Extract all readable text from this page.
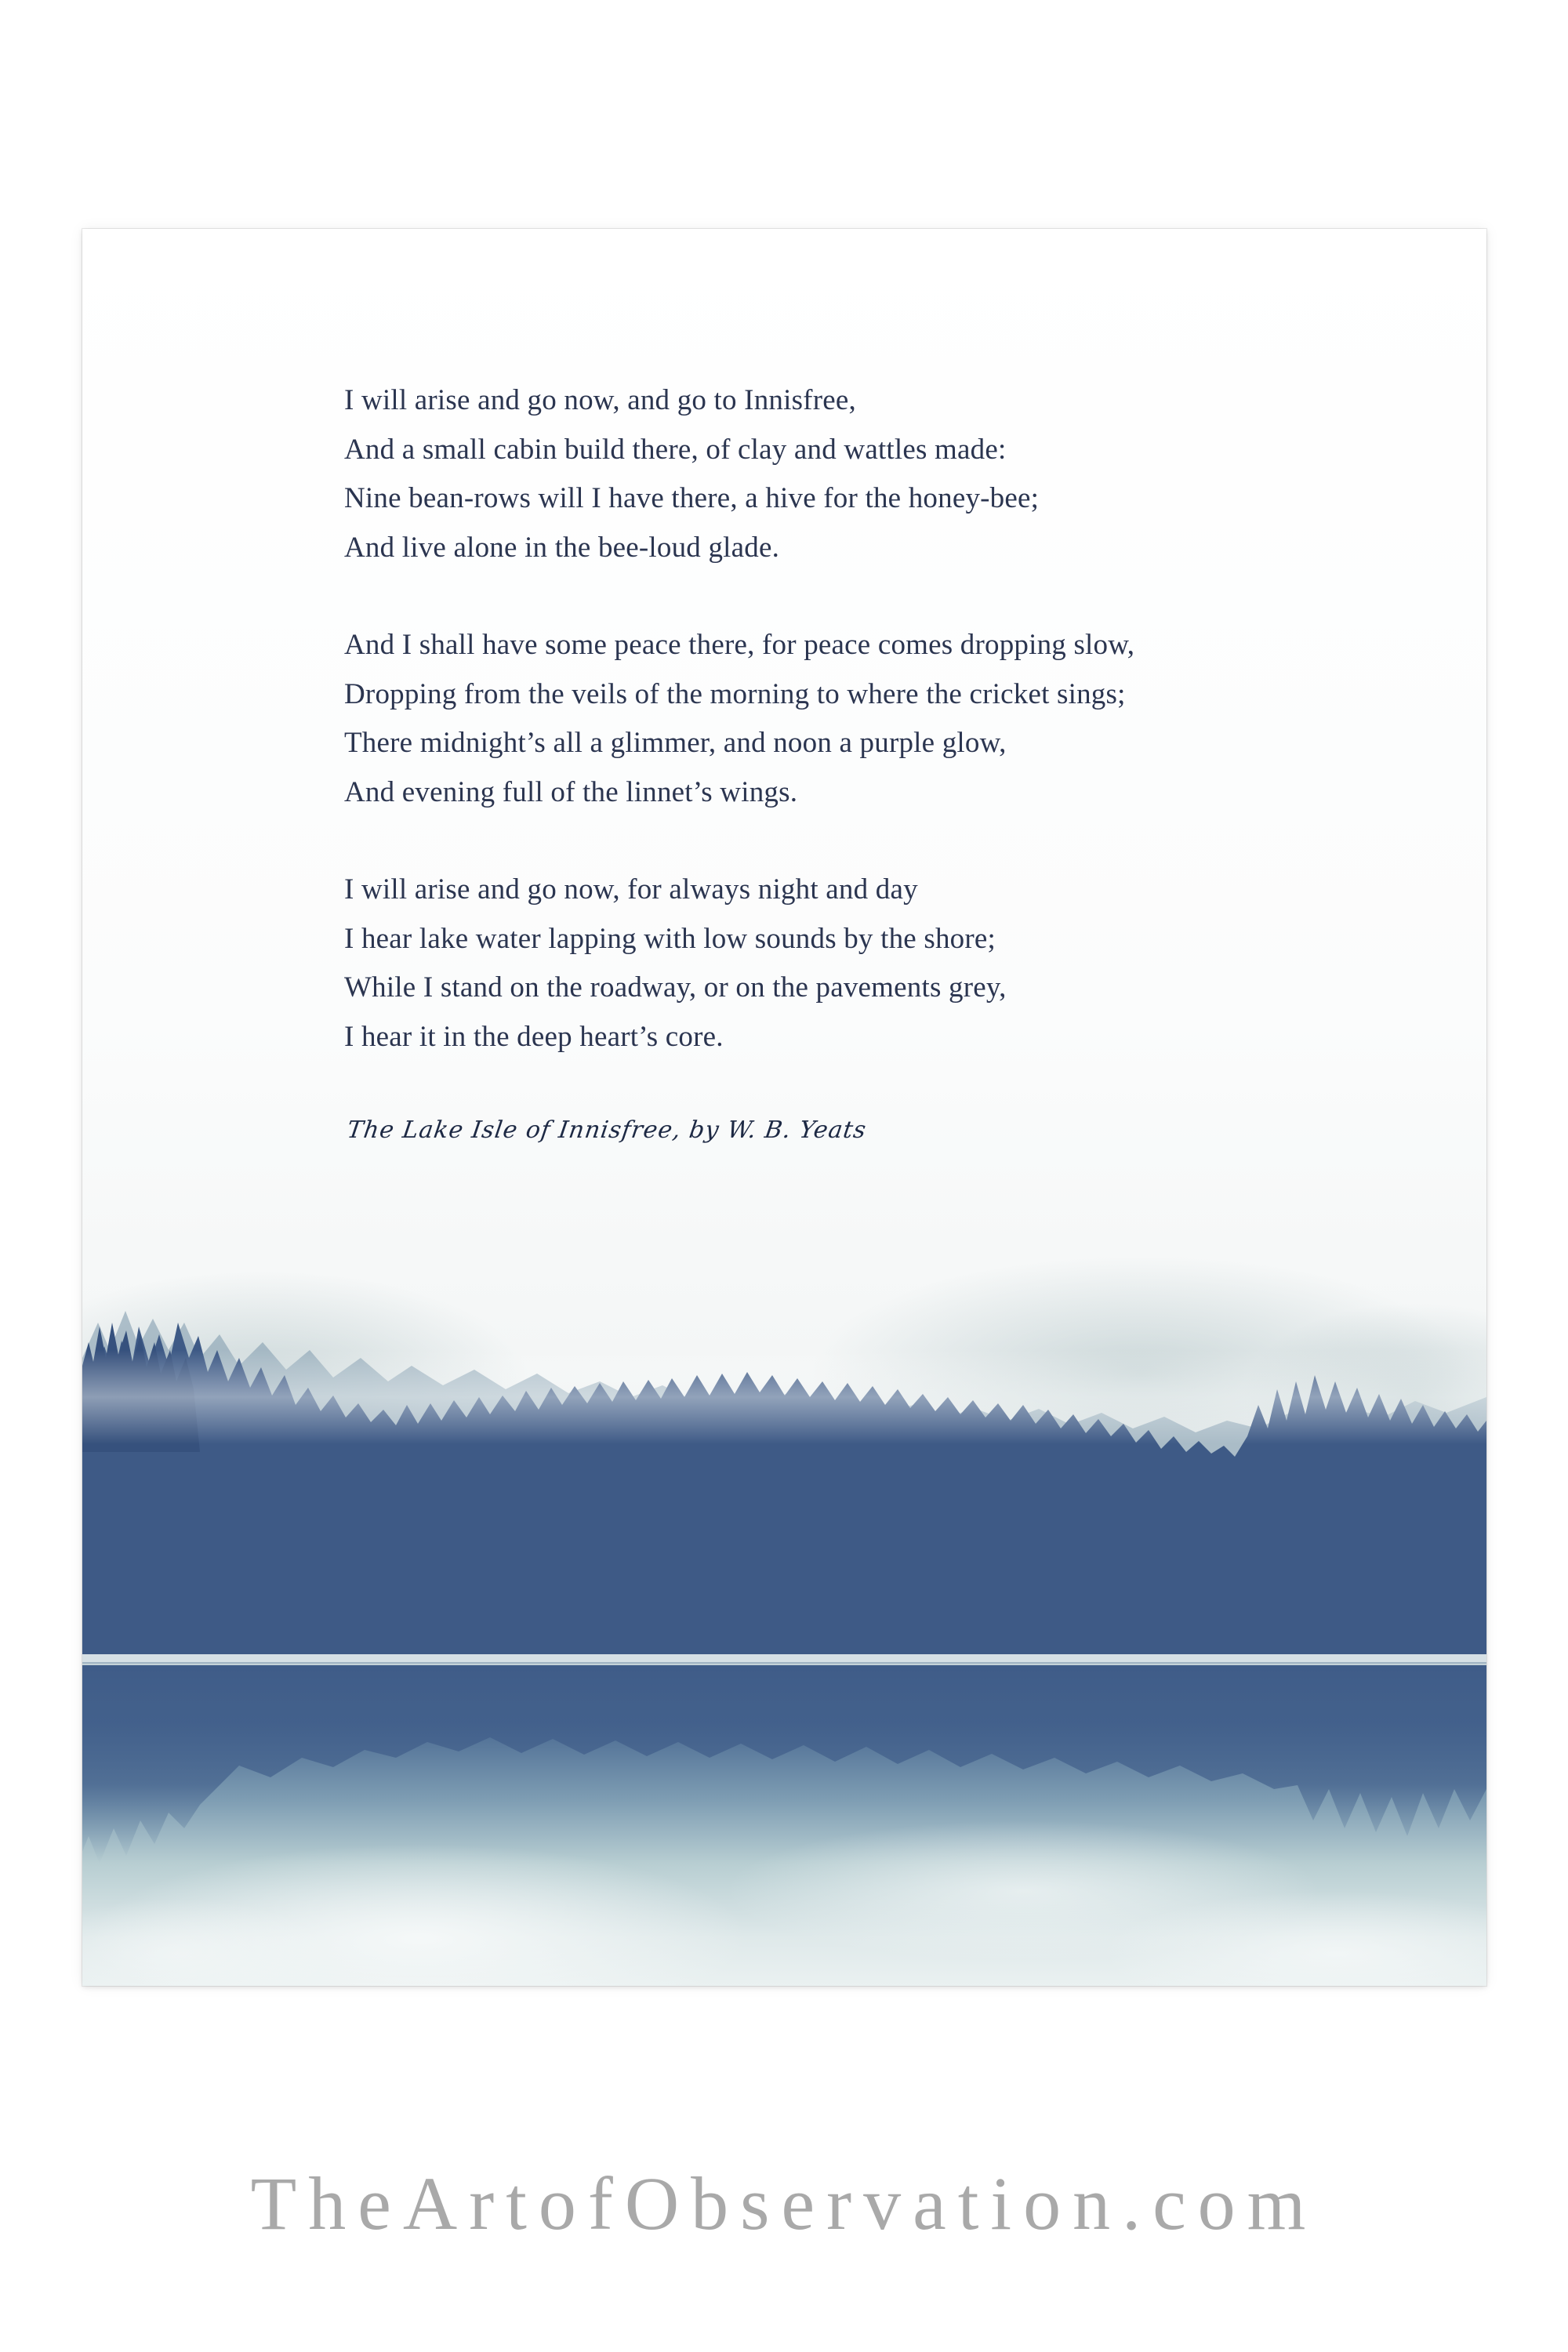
I will arise and go now, and go to Innisfree,
And a small cabin build there, of clay and wattles made:
Nine bean-rows will I have there, a hive for the honey-bee;
And live alone in the bee-loud glade.
And I shall have some peace there, for peace comes dropping slow,
Dropping from the veils of the morning to where the cricket sings;
There midnight’s all a glimmer, and noon a purple glow,
And evening full of the linnet’s wings.
I will arise and go now, for always night and day
I hear lake water lapping with low sounds by the shore;
While I stand on the roadway, or on the pavements grey,
I hear it in the deep heart’s core.
The Lake Isle of Innisfree, by W. B. Yeats
TheArtofObservation.com
